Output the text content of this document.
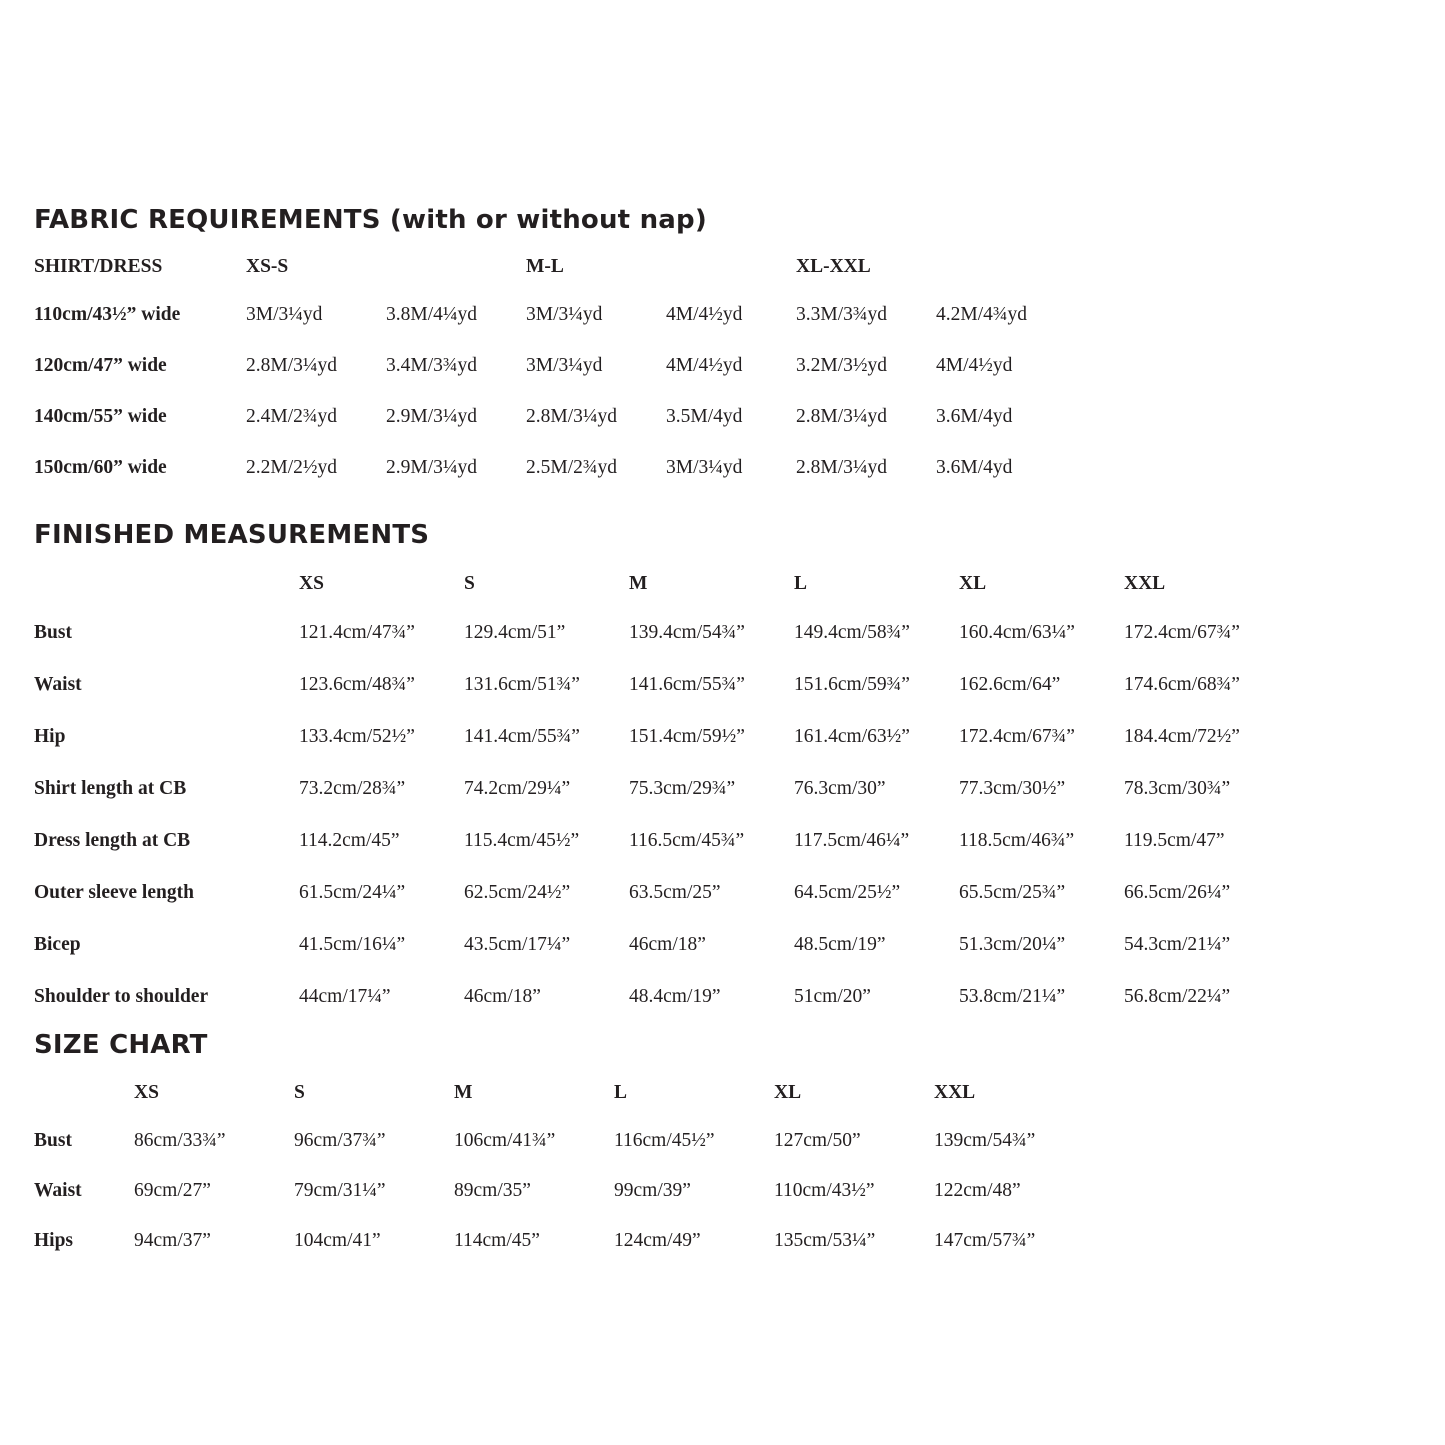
FABRIC REQUIREMENTS (with or without nap)
SHIRT/DRESS	XS-S		M-L		XL-XXL	
110cm/43½” wide	3M/3¼yd	3.8M/4¼yd	3M/3¼yd	4M/4½yd	3.3M/3¾yd	4.2M/4¾yd
120cm/47” wide	2.8M/3¼yd	3.4M/3¾yd	3M/3¼yd	4M/4½yd	3.2M/3½yd	4M/4½yd
140cm/55” wide	2.4M/2¾yd	2.9M/3¼yd	2.8M/3¼yd	3.5M/4yd	2.8M/3¼yd	3.6M/4yd
150cm/60” wide	2.2M/2½yd	2.9M/3¼yd	2.5M/2¾yd	3M/3¼yd	2.8M/3¼yd	3.6M/4yd
FINISHED MEASUREMENTS
	XS	S	M	L	XL	XXL
Bust	121.4cm/47¾”	129.4cm/51”	139.4cm/54¾”	149.4cm/58¾”	160.4cm/63¼”	172.4cm/67¾”
Waist	123.6cm/48¾”	131.6cm/51¾”	141.6cm/55¾”	151.6cm/59¾”	162.6cm/64”	174.6cm/68¾”
Hip	133.4cm/52½”	141.4cm/55¾”	151.4cm/59½”	161.4cm/63½”	172.4cm/67¾”	184.4cm/72½”
Shirt length at CB	73.2cm/28¾”	74.2cm/29¼”	75.3cm/29¾”	76.3cm/30”	77.3cm/30½”	78.3cm/30¾”
Dress length at CB	114.2cm/45”	115.4cm/45½”	116.5cm/45¾”	117.5cm/46¼”	118.5cm/46¾”	119.5cm/47”
Outer sleeve length	61.5cm/24¼”	62.5cm/24½”	63.5cm/25”	64.5cm/25½”	65.5cm/25¾”	66.5cm/26¼”
Bicep	41.5cm/16¼”	43.5cm/17¼”	46cm/18”	48.5cm/19”	51.3cm/20¼”	54.3cm/21¼”
Shoulder to shoulder	44cm/17¼”	46cm/18”	48.4cm/19”	51cm/20”	53.8cm/21¼”	56.8cm/22¼”
SIZE CHART
	XS	S	M	L	XL	XXL
Bust	86cm/33¾”	96cm/37¾”	106cm/41¾”	116cm/45½”	127cm/50”	139cm/54¾”
Waist	69cm/27”	79cm/31¼”	89cm/35”	99cm/39”	110cm/43½”	122cm/48”
Hips	94cm/37”	104cm/41”	114cm/45”	124cm/49”	135cm/53¼”	147cm/57¾”
